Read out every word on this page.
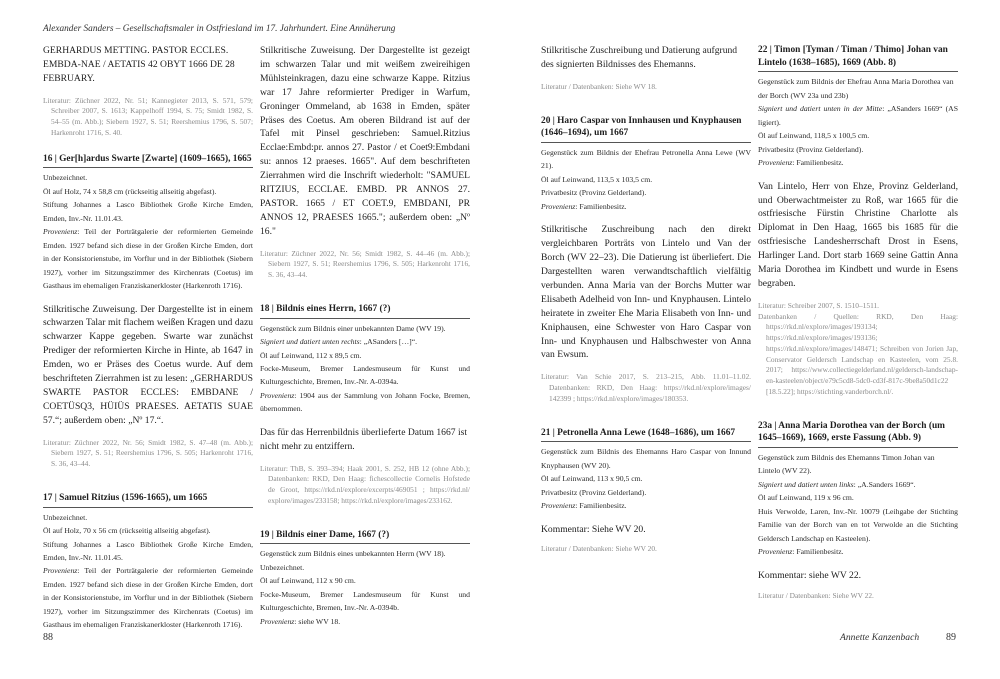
Alexander Sanders – Gesellschaftsmaler in Ostfriesland im 17. Jahrhundert. Eine Annäherung

GERHARDUS METTING. PASTOR ECCLES. EMBDA-NAE / AETATIS 42 OBYT 1666 DE 28 FEBRUARY.

Literatur: Züchner 2022, Nr. 51; Kannegieter 2013, S. 571, 579; Schreiber 2007, S. 1613; Kappelhoff 1994, S. 75; Smidt 1982, S. 54–55 (m. Abb.); Siebern 1927, S. 51; Reershemius 1796, S. 507; Harkenroht 1716, S. 40.

16 | Ger[h]ardus Swarte [Zwarte] (1609–1665), 1665
Unbezeichnet.
Öl auf Holz, 74 x 58,8 cm (rückseitig allseitig abgefast).
Stiftung Johannes a Lasco Bibliothek Große Kirche Emden, Emden, Inv.-Nr. 11.01.43.
Provenienz: Teil der Porträtgalerie der reformierten Gemeinde Emden. 1927 befand sich diese in der Großen Kirche Emden, dort in der Konsistorienstube, im Vorflur und in der Bibliothek (Siebern 1927), vorher im Sitzungszimmer des Kirchenrats (Coetus) im Gasthaus im ehemaligen Franziskanerkloster (Harkenroth 1716).

Stilkritische Zuweisung. Der Dargestellte ist in einem schwarzen Talar mit flachem weißen Kragen und dazu schwarzer Kappe gegeben. Swarte war zunächst Prediger der reformierten Kirche in Hinte, ab 1647 in Emden, wo er Präses des Coetus wurde. Auf dem beschrifteten Zierrahmen ist zu lesen: „GERHARDUS SWARTE PASTOR ECCLES: EMBDANE / COETÜSQ3, HÜIÜS PRAESES. AETATIS SUAE 57.“; außerdem oben: „Nº 17.“.

Literatur: Züchner 2022, Nr. 56; Smidt 1982, S. 47–48 (m. Abb.); Siebern 1927, S. 51; Reershemius 1796, S. 505; Harkenroht 1716, S. 36, 43–44.

17 | Samuel Ritzius (1596-1665), um 1665
Unbezeichnet.
Öl auf Holz, 70 x 56 cm (rückseitig allseitig abgefast).
Stiftung Johannes a Lasco Bibliothek Große Kirche Emden, Emden, Inv.-Nr. 11.01.45.
Provenienz: Teil der Porträtgalerie der reformierten Gemeinde Emden. 1927 befand sich diese in der Großen Kirche Emden, dort in der Konsistorienstube, im Vorflur und in der Bibliothek (Siebern 1927), vorher im Sitzungszimmer des Kirchenrats (Coetus) im Gasthaus im ehemaligen Franziskanerkloster (Harkenroth 1716).

Stilkritische Zuweisung. Der Dargestellte ist gezeigt im schwarzen Talar und mit weißem zweireihigen Mühlsteinkragen, dazu eine schwarze Kappe. Ritzius war 17 Jahre reformierter Prediger in Warfum, Groninger Ommeland, ab 1638 in Emden, später Präses des Coetus. Am oberen Bildrand ist auf der Tafel mit Pinsel geschrieben: Samuel.Ritzius Ecclae:Embd:pr. annos 27. Pastor / et Coet9:Embdani su: annos 12 praeses. 1665". Auf dem beschrifteten Zierrahmen wird die Inschrift wiederholt: "SAMUEL RITZIUS, ECCLAE. EMBD. PR ANNOS 27. PASTOR. 1665 / ET COET.9, EMBDANI, PR ANNOS 12, PRAESES 1665."; außerdem oben: „Nº 16."

Literatur: Züchner 2022, Nr. 56; Smidt 1982, S. 44–46 (m. Abb.); Siebern 1927, S. 51; Reershemius 1796, S. 505; Harkenroht 1716, S. 36, 43–44.

18 | Bildnis eines Herrn, 1667 (?)
Gegenstück zum Bildnis einer unbekannten Dame (WV 19).
Signiert und datiert unten rechts: „ASanders […]“.
Öl auf Leinwand, 112 x 89,5 cm.
Focke-Museum, Bremer Landesmuseum für Kunst und Kulturgeschichte, Bremen, Inv.-Nr. A-0394a.
Provenienz: 1904 aus der Sammlung von Johann Focke, Bremen, übernommen.

Das für das Herrenbildnis überlieferte Datum 1667 ist nicht mehr zu entziffern.

Literatur: ThB, S. 393–394; Haak 2001, S. 252, HB 12 (ohne Abb.); Datenbanken: RKD, Den Haag: fichescollectie Cornelis Hofstede de Groot, https://rkd.nl/explore/excerpts/469051 ; https://rkd.nl/ explore/images/233158; https://rkd.nl/explore/images/233162.

19 | Bildnis einer Dame, 1667 (?)
Gegenstück zum Bildnis eines unbekannten Herrn (WV 18).
Unbezeichnet.
Öl auf Leinwand, 112 x 90 cm.
Focke-Museum, Bremer Landesmuseum für Kunst und Kulturgeschichte, Bremen, Inv.-Nr. A-0394b.
Provenienz: siehe WV 18.

Stilkritische Zuschreibung und Datierung aufgrund des signierten Bildnisses des Ehemanns.

Literatur / Datenbanken: Siehe WV 18.

20 | Haro Caspar von Innhausen und Knyphausen (1646–1694), um 1667
Gegenstück zum Bildnis der Ehefrau Petronella Anna Lewe (WV 21).
Öl auf Leinwand, 113,5 x 103,5 cm.
Privatbesitz (Provinz Gelderland).
Provenienz: Familienbesitz.

Stilkritische Zuschreibung nach den direkt vergleichbaren Porträts von Lintelo und Van der Borch (WV 22–23). Die Datierung ist überliefert. Die Dargestellten waren verwandtschaftlich vielfältig verbunden. Anna Maria van der Borchs Mutter war Elisabeth Adelheid von Inn- und Knyphausen. Lintelo heiratete in zweiter Ehe Maria Elisabeth von Inn- und Kniphausen, eine Schwester von Haro Caspar von Inn- und Knyphausen und Halbschwester von Anna van Ewsum.

Literatur: Van Schie 2017, S. 213–215, Abb. 11.01–11.02. Datenbanken: RKD, Den Haag: https://rkd.nl/explore/images/ 142399 ; https://rkd.nl/explore/images/180353.

21 | Petronella Anna Lewe (1648–1686), um 1667
Gegenstück zum Bildnis des Ehemanns Haro Caspar von Innund Knyphausen (WV 20).
Öl auf Leinwand, 113 x 90,5 cm.
Privatbesitz (Provinz Gelderland).
Provenienz: Familienbesitz.

Kommentar: Siehe WV 20.

Literatur / Datenbanken: Siehe WV 20.

22 | Timon [Tyman / Timan / Thimo] Johan van Lintelo (1638–1685), 1669 (Abb. 8)
Gegenstück zum Bildnis der Ehefrau Anna Maria Dorothea van der Borch (WV 23a und 23b)
Signiert und datiert unten in der Mitte: „ASanders 1669“ (AS ligiert).
Öl auf Leinwand, 118,5 x 100,5 cm.
Privatbesitz (Provinz Gelderland).
Provenienz: Familienbesitz.

Van Lintelo, Herr von Ehze, Provinz Gelderland, und Oberwachtmeister zu Roß, war 1665 für die ostfriesische Fürstin Christine Charlotte als Diplomat in Den Haag, 1665 bis 1685 für die ostfriesische Landesherrschaft Drost in Esens, Harlinger Land. Dort starb 1669 seine Gattin Anna Maria Dorothea im Kindbett und wurde in Esens begraben.

Literatur: Schreiber 2007, S. 1510–1511.

Datenbanken / Quellen: RKD, Den Haag: https://rkd.nl/explore/images/193134; https://rkd.nl/explore/images/193136; https://rkd.nl/explore/images/148471; Schreiben von Jorien Jap, Conservator Geldersch Landschap en Kasteelen, vom 25.8. 2017; https://www.collectiegelderland.nl/geldersch-landschap-en-kasteelen/object/e79c5cd8-5dc0-cd3f-817c-9be8a50d1c22 [18.5.22]; https://stichting.vanderborch.nl/.

23a | Anna Maria Dorothea van der Borch (um 1645–1669), 1669, erste Fassung (Abb. 9)
Gegenstück zum Bildnis des Ehemanns Timon Johan van Lintelo (WV 22).
Signiert und datiert unten links: „A.Sanders 1669“.
Öl auf Leinwand, 119 x 96 cm.
Huis Verwolde, Laren, Inv.-Nr. 10079 (Leihgabe der Stichting Familie van der Borch van en tot Verwolde an die Stichting Geldersch Landschap en Kasteelen).
Provenienz: Familienbesitz.

Kommentar: siehe WV 22.

Literatur / Datenbanken: Siehe WV 22.

88	Annette Kanzenbach	89
